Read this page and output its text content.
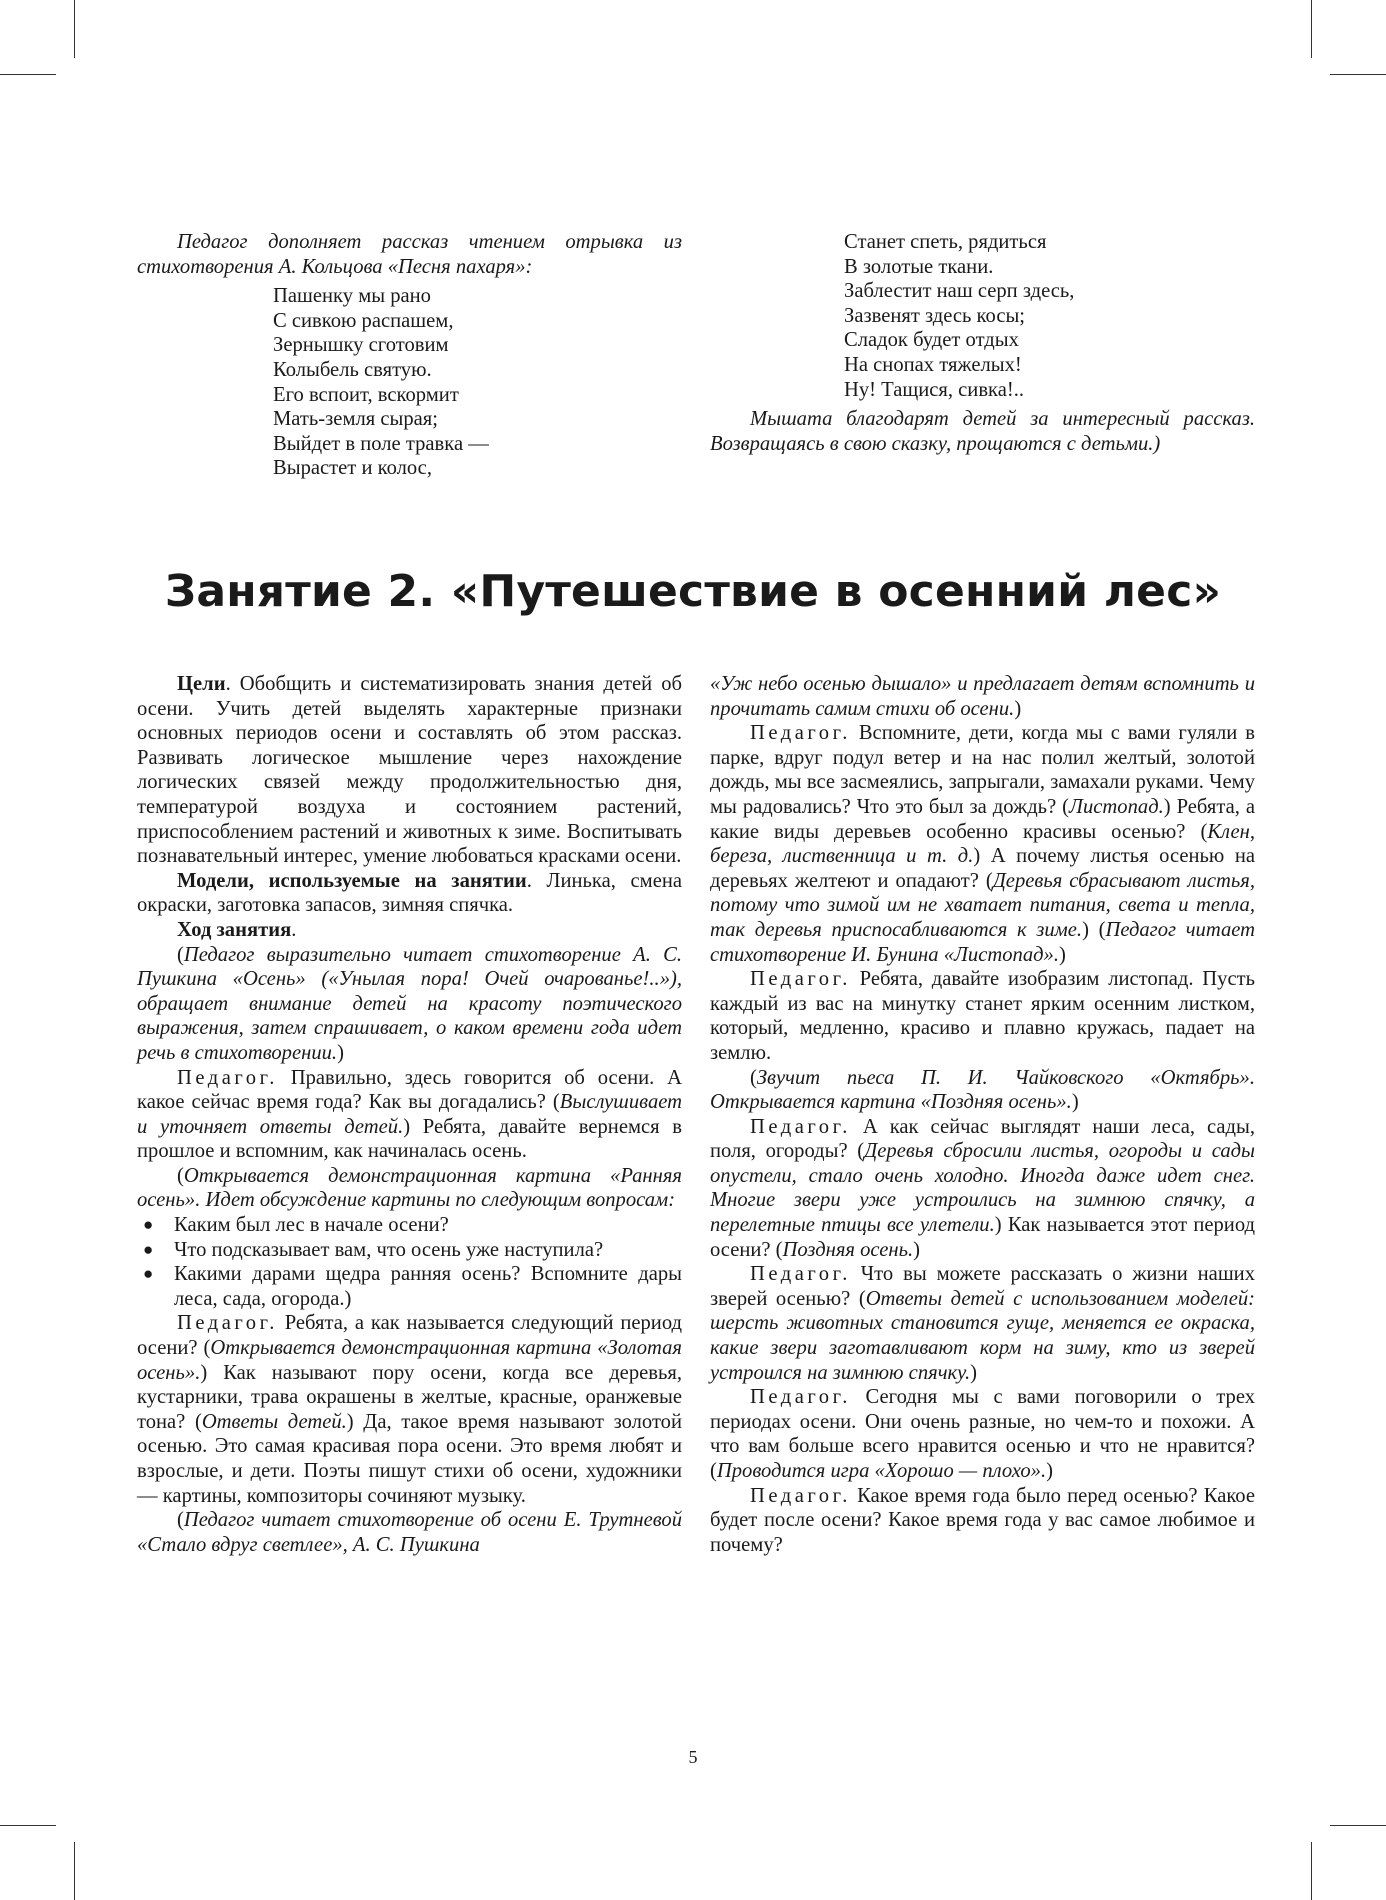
Педагог дополняет рассказ чтением отрывка из стихотворения А. Кольцова «Песня пахаря»:

Пашенку мы рано
С сивкою распашем,
Зернышку сготовим
Колыбель святую.
Его вспоит, вскормит
Мать-земля сырая;
Выйдет в поле травка —
Вырастет и колос,
Станет спеть, рядиться
В золотые ткани.
Заблестит наш серп здесь,
Зазвенят здесь косы;
Сладок будет отдых
На снопах тяжелых!
Ну! Тащися, сивка!..

Мышата благодарят детей за интересный рассказ. Возвращаясь в свою сказку, прощаются с детьми.)

Занятие 2. «Путешествие в осенний лес»

Цели. Обобщить и систематизировать знания детей об осени. Учить детей выделять характерные признаки основных периодов осени и составлять об этом рассказ. Развивать логическое мышление через нахождение логических связей между продолжительностью дня, температурой воздуха и состоянием растений, приспособлением растений и животных к зиме. Воспитывать познавательный интерес, умение любоваться красками осени.

Модели, используемые на занятии. Линька, смена окраски, заготовка запасов, зимняя спячка.

Ход занятия.

(Педагог выразительно читает стихотворение А. С. Пушкина «Осень» («Унылая пора! Очей очарованье!..»), обращает внимание детей на красоту поэтического выражения, затем спрашивает, о каком времени года идет речь в стихотворении.)

Педагог. Правильно, здесь говорится об осени. А какое сейчас время года? Как вы догадались? (Выслушивает и уточняет ответы детей.) Ребята, давайте вернемся в прошлое и вспомним, как начиналась осень.

(Открывается демонстрационная картина «Ранняя осень». Идет обсуждение картины по следующим вопросам:

● Каким был лес в начале осени?
● Что подсказывает вам, что осень уже наступила?
● Какими дарами щедра ранняя осень? Вспомните дары леса, сада, огорода.)

Педагог. Ребята, а как называется следующий период осени? (Открывается демонстрационная картина «Золотая осень».) Как называют пору осени, когда все деревья, кустарники, трава окрашены в желтые, красные, оранжевые тона? (Ответы детей.) Да, такое время называют золотой осенью. Это самая красивая пора осени. Это время любят и взрослые, и дети. Поэты пишут стихи об осени, художники — картины, композиторы сочиняют музыку.

(Педагог читает стихотворение об осени Е. Трутневой «Стало вдруг светлее», А. С. Пушкина

«Уж небо осенью дышало» и предлагает детям вспомнить и прочитать самим стихи об осени.)

Педагог. Вспомните, дети, когда мы с вами гуляли в парке, вдруг подул ветер и на нас полил желтый, золотой дождь, мы все засмеялись, запрыгали, замахали руками. Чему мы радовались? Что это был за дождь? (Листопад.) Ребята, а какие виды деревьев особенно красивы осенью? (Клен, береза, лиственница и т. д.) А почему листья осенью на деревьях желтеют и опадают? (Деревья сбрасывают листья, потому что зимой им не хватает питания, света и тепла, так деревья приспосабливаются к зиме.) (Педагог читает стихотворение И. Бунина «Листопад».)

Педагог. Ребята, давайте изобразим листопад. Пусть каждый из вас на минутку станет ярким осенним листком, который, медленно, красиво и плавно кружась, падает на землю.

(Звучит пьеса П. И. Чайковского «Октябрь». Открывается картина «Поздняя осень».)

Педагог. А как сейчас выглядят наши леса, сады, поля, огороды? (Деревья сбросили листья, огороды и сады опустели, стало очень холодно. Иногда даже идет снег. Многие звери уже устроились на зимнюю спячку, а перелетные птицы все улетели.) Как называется этот период осени? (Поздняя осень.)

Педагог. Что вы можете рассказать о жизни наших зверей осенью? (Ответы детей с использованием моделей: шерсть животных становится гуще, меняется ее окраска, какие звери заготавливают корм на зиму, кто из зверей устроился на зимнюю спячку.)

Педагог. Сегодня мы с вами поговорили о трех периодах осени. Они очень разные, но чем-то и похожи. А что вам больше всего нравится осенью и что не нравится? (Проводится игра «Хорошо — плохо».)

Педагог. Какое время года было перед осенью? Какое будет после осени? Какое время года у вас самое любимое и почему?

5
